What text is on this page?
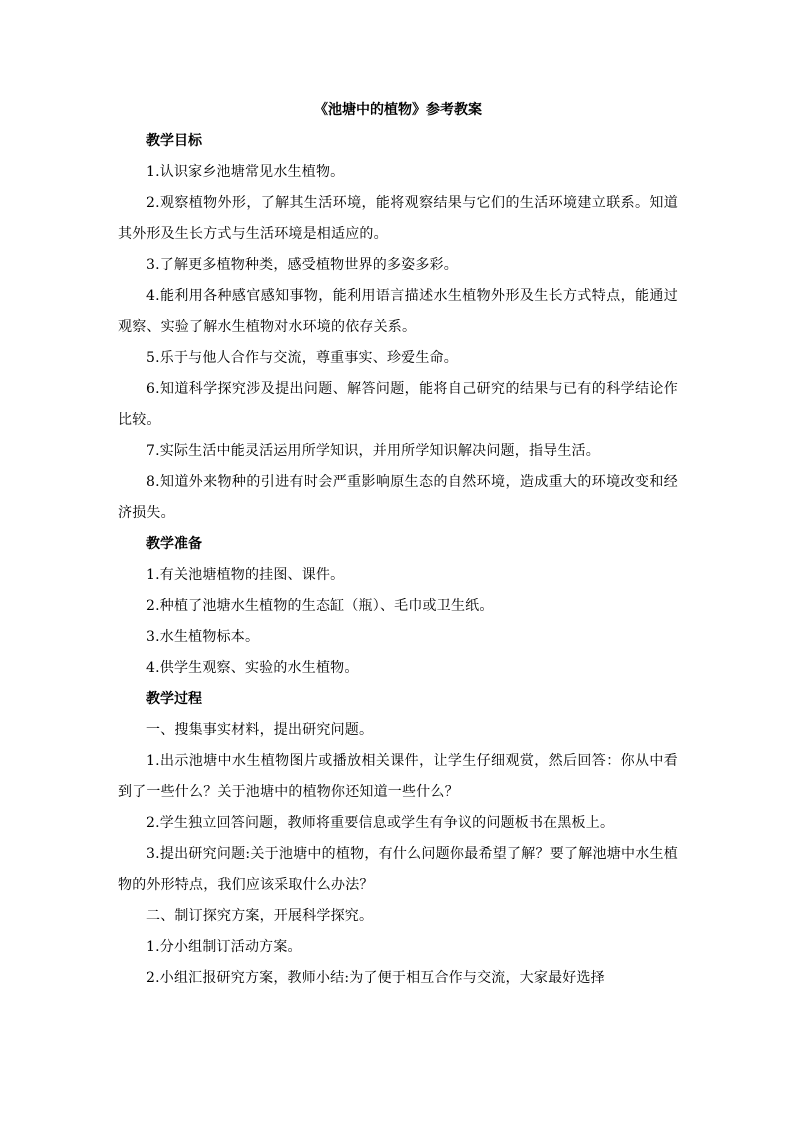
《池塘中的植物》参考教案

教学目标

1.认识家乡池塘常见水生植物。

2.观察植物外形，了解其生活环境，能将观察结果与它们的生活环境建立联系。知道其外形及生长方式与生活环境是相适应的。

3.了解更多植物种类，感受植物世界的多姿多彩。

4.能利用各种感官感知事物，能利用语言描述水生植物外形及生长方式特点，能通过观察、实验了解水生植物对水环境的依存关系。

5.乐于与他人合作与交流，尊重事实、珍爱生命。

6.知道科学探究涉及提出问题、解答问题，能将自己研究的结果与已有的科学结论作比较。

7.实际生活中能灵活运用所学知识，并用所学知识解决问题，指导生活。

8.知道外来物种的引进有时会严重影响原生态的自然环境，造成重大的环境改变和经济损失。

教学准备

1.有关池塘植物的挂图、课件。

2.种植了池塘水生植物的生态缸（瓶）、毛巾或卫生纸。

3.水生植物标本。

4.供学生观察、实验的水生植物。

教学过程

一、搜集事实材料，提出研究问题。

1.出示池塘中水生植物图片或播放相关课件，让学生仔细观赏，然后回答：你从中看到了一些什么？关于池塘中的植物你还知道一些什么？

2.学生独立回答问题，教师将重要信息或学生有争议的问题板书在黑板上。

3.提出研究问题:关于池塘中的植物，有什么问题你最希望了解？要了解池塘中水生植物的外形特点，我们应该采取什么办法？

二、制订探究方案，开展科学探究。

1.分小组制订活动方案。

2.小组汇报研究方案，教师小结:为了便于相互合作与交流，大家最好选择
